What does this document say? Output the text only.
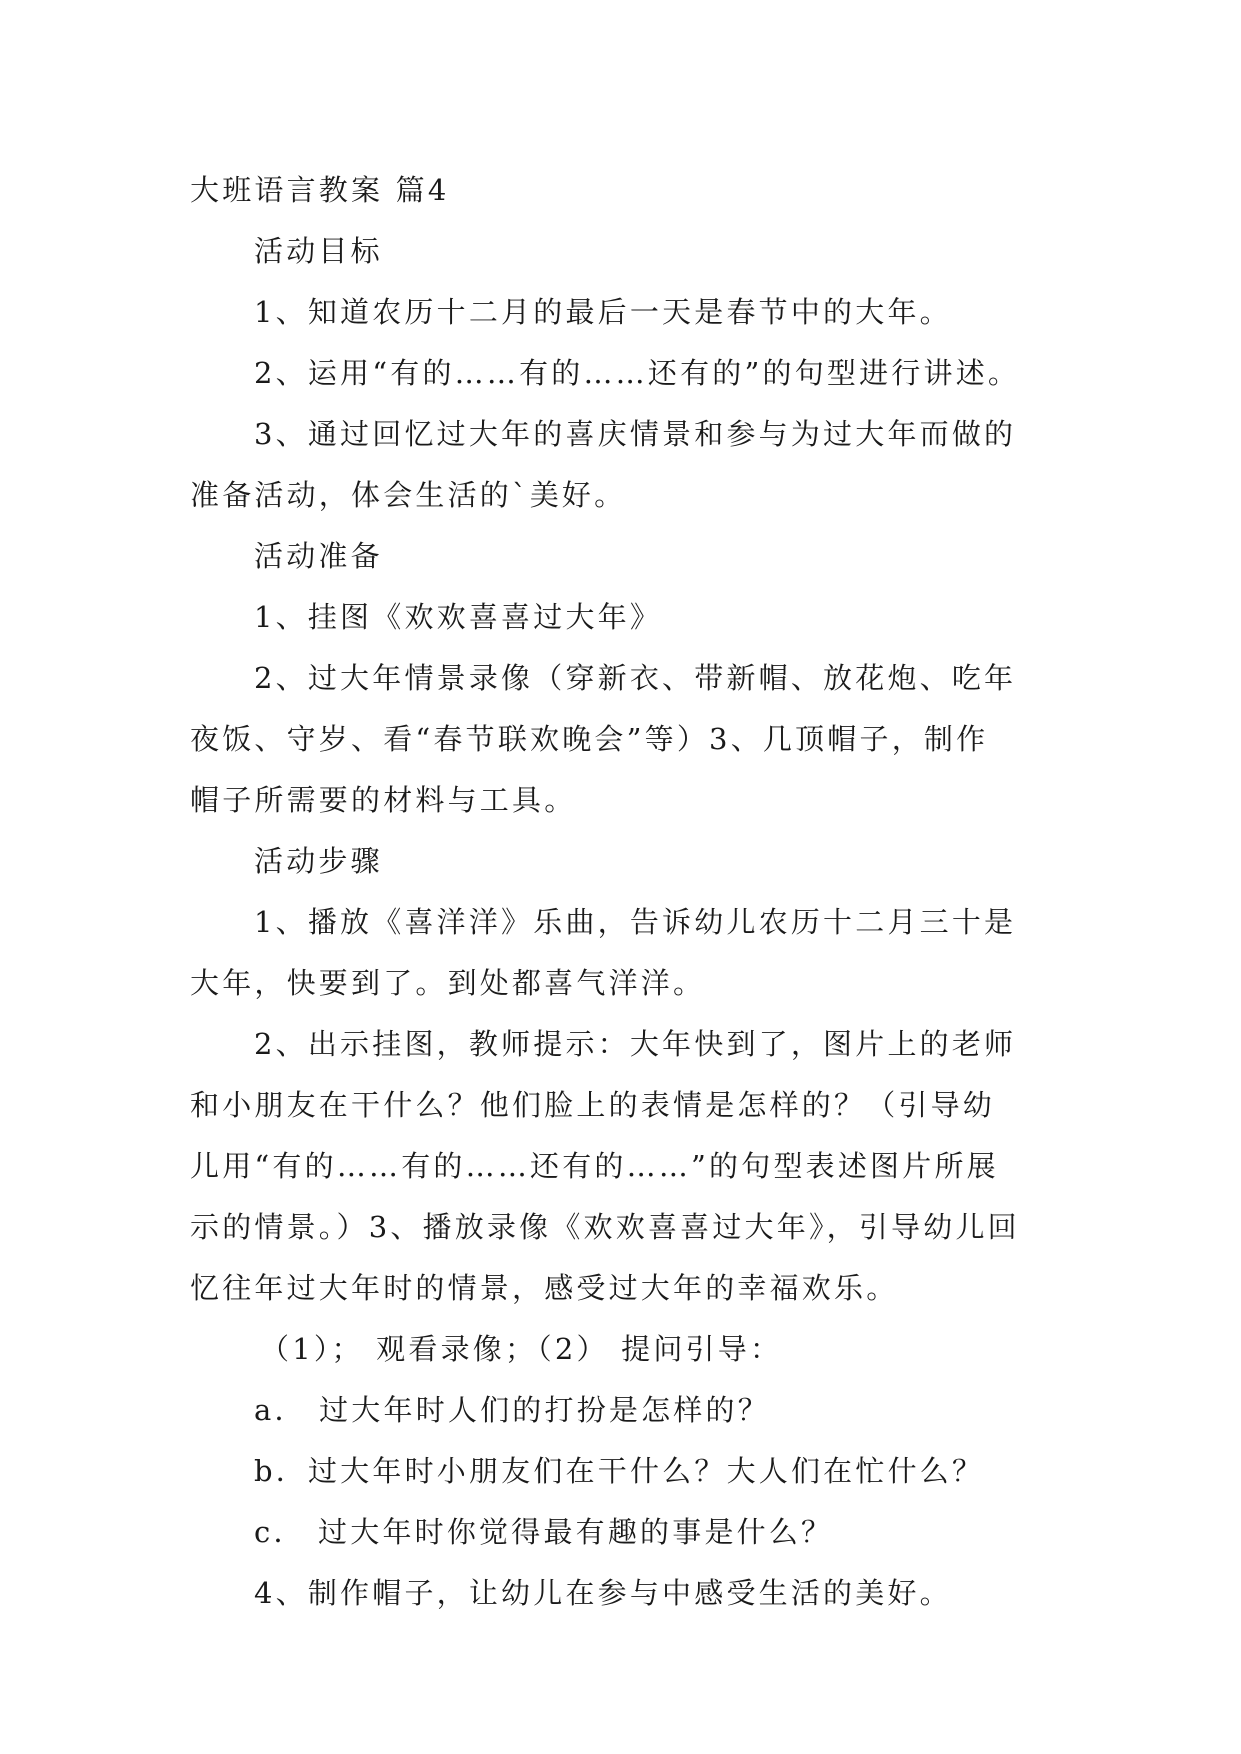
大班语言教案 篇4
活动目标
1、知道农历十二月的最后一天是春节中的大年。
2、运用“有的……有的……还有的”的句型进行讲述。
3、通过回忆过大年的喜庆情景和参与为过大年而做的
准备活动，体会生活的`美好。
活动准备
1、挂图《欢欢喜喜过大年》
2、过大年情景录像（穿新衣、带新帽、放花炮、吃年
夜饭、守岁、看“春节联欢晚会”等）3、几顶帽子，制作
帽子所需要的材料与工具。
活动步骤
1、播放《喜洋洋》乐曲，告诉幼儿农历十二月三十是
大年，快要到了。到处都喜气洋洋。
2、出示挂图，教师提示：大年快到了，图片上的老师
和小朋友在干什么？他们脸上的表情是怎样的？（引导幼
儿用“有的……有的……还有的……”的句型表述图片所展
示的情景。）3、播放录像《欢欢喜喜过大年》，引导幼儿回
忆往年过大年时的情景，感受过大年的幸福欢乐。
（1）； 观看录像；（2） 提问引导：
a． 过大年时人们的打扮是怎样的？
b．过大年时小朋友们在干什么？大人们在忙什么？
c． 过大年时你觉得最有趣的事是什么？
4、制作帽子，让幼儿在参与中感受生活的美好。
